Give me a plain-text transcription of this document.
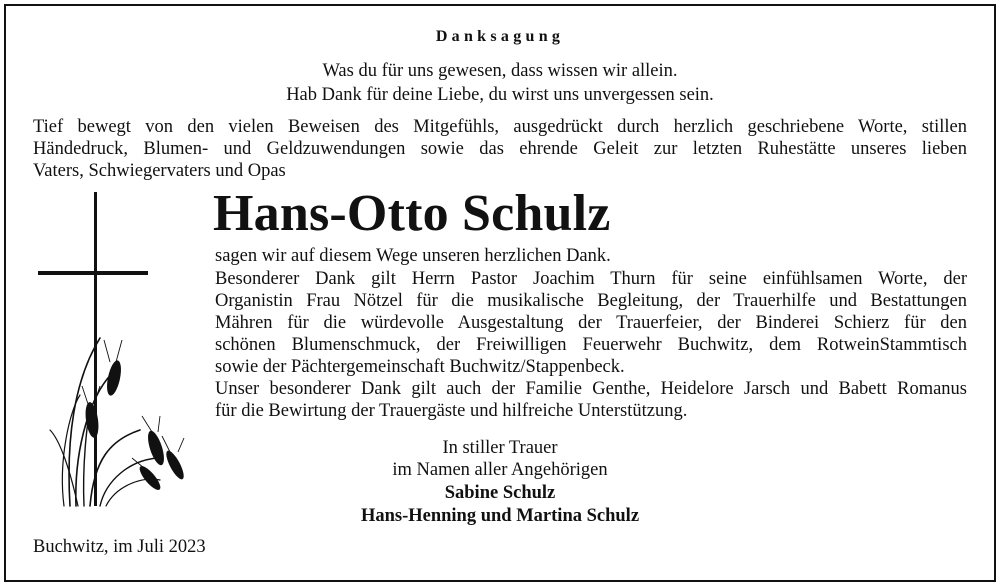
Danksagung
Was du für uns gewesen, dass wissen wir allein.
Hab Dank für deine Liebe, du wirst uns unvergessen sein.
Tief bewegt von den vielen Beweisen des Mitgefühls, ausgedrückt durch herzlich geschriebene Worte, stillen
Händedruck, Blumen- und Geldzuwendungen sowie das ehrende Geleit zur letzten Ruhestätte unseres lieben
Vaters, Schwiegervaters und Opas
Hans-Otto Schulz
sagen wir auf diesem Wege unseren herzlichen Dank.
Besonderer Dank gilt Herrn Pastor Joachim Thurn für seine einfühlsamen Worte, der
Organistin Frau Nötzel für die musikalische Begleitung, der Trauerhilfe und Bestattungen
Mähren für die würdevolle Ausgestaltung der Trauerfeier, der Binderei Schierz für den
schönen Blumenschmuck, der Freiwilligen Feuerwehr Buchwitz, dem RotweinStammtisch
sowie der Pächtergemeinschaft Buchwitz/Stappenbeck.
Unser besonderer Dank gilt auch der Familie Genthe, Heidelore Jarsch und Babett Romanus
für die Bewirtung der Trauergäste und hilfreiche Unterstützung.
In stiller Trauer
im Namen aller Angehörigen
Sabine Schulz
Hans-Henning und Martina Schulz
Buchwitz, im Juli 2023
